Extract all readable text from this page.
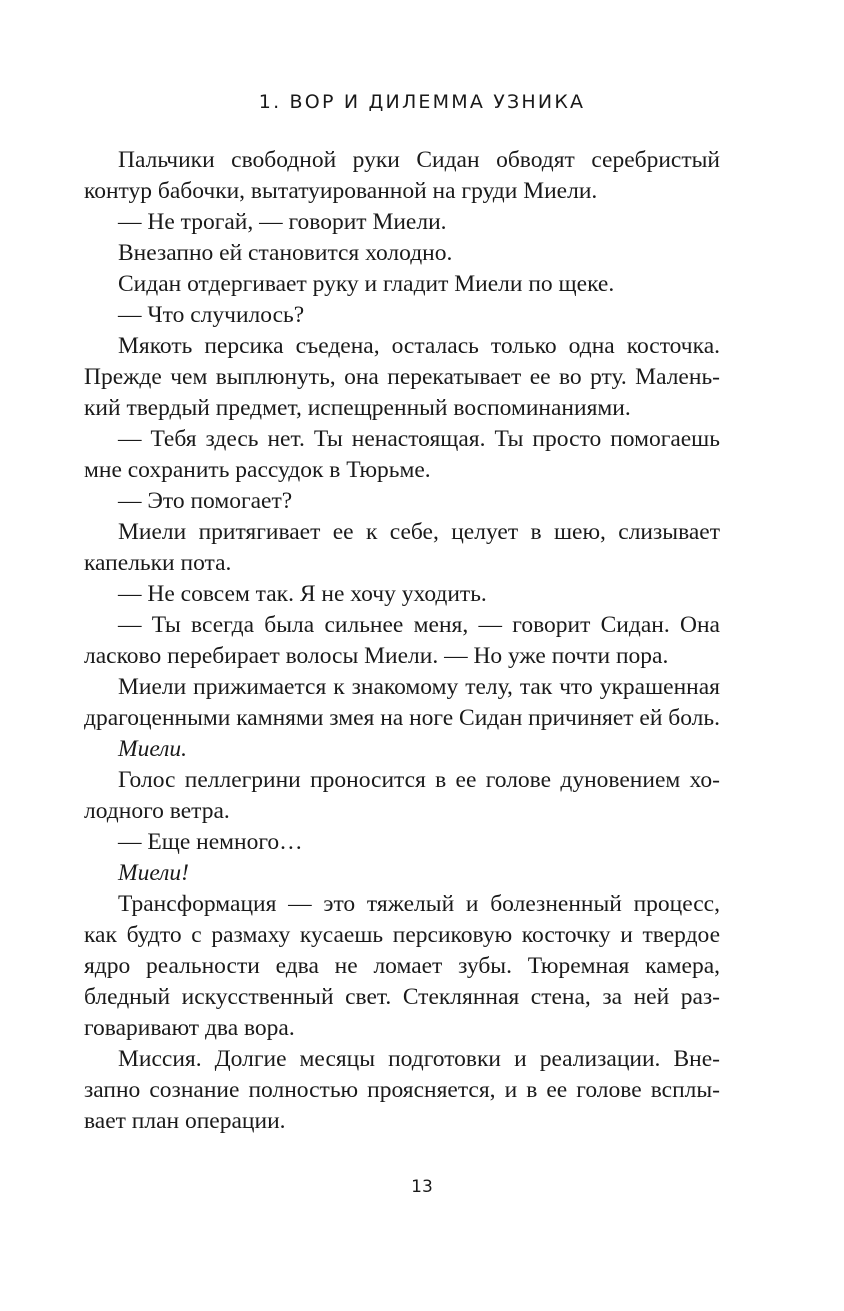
1. ВОР И ДИЛЕММА УЗНИКА

Пальчики свободной руки Сидан обводят серебристый контур бабочки, вытатуированной на груди Миели.

— Не трогай, — говорит Миели.

Внезапно ей становится холодно.

Сидан отдергивает руку и гладит Миели по щеке.

— Что случилось?

Мякоть персика съедена, осталась только одна косточка. Прежде чем выплюнуть, она перекатывает ее во рту. Маленький твердый предмет, испещренный воспоминаниями.

— Тебя здесь нет. Ты ненастоящая. Ты просто помогаешь мне сохранить рассудок в Тюрьме.

— Это помогает?

Миели притягивает ее к себе, целует в шею, слизывает капельки пота.

— Не совсем так. Я не хочу уходить.

— Ты всегда была сильнее меня, — говорит Сидан. Она ласково перебирает волосы Миели. — Но уже почти пора.

Миели прижимается к знакомому телу, так что украшенная драгоценными камнями змея на ноге Сидан причиняет ей боль.

Миели.

Голос пеллегрини проносится в ее голове дуновением холодного ветра.

— Еще немного…

Миели!

Трансформация — это тяжелый и болезненный процесс, как будто с размаху кусаешь персиковую косточку и твердое ядро реальности едва не ломает зубы. Тюремная камера, бледный искусственный свет. Стеклянная стена, за ней разговаривают два вора.

Миссия. Долгие месяцы подготовки и реализации. Внезапно сознание полностью проясняется, и в ее голове всплывает план операции.

13
